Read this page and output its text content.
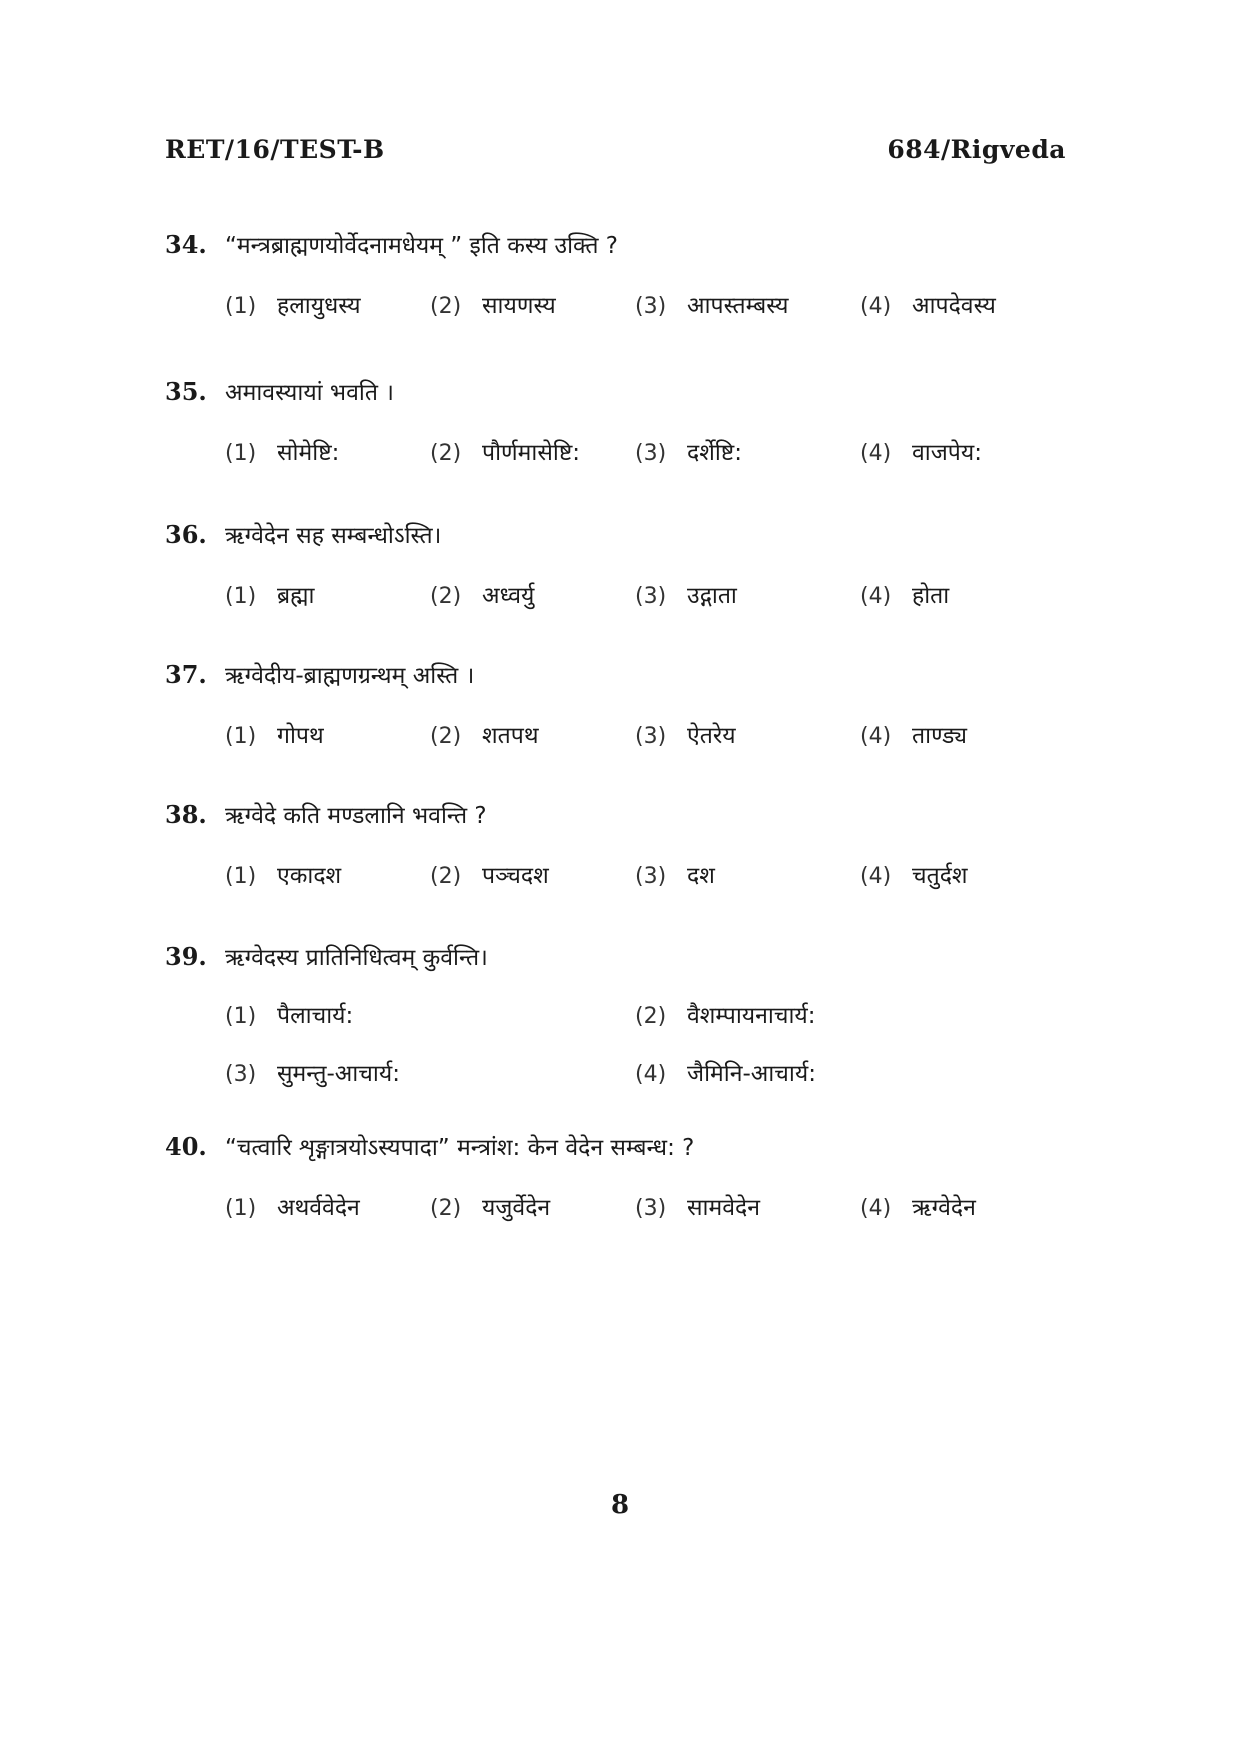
RET/16/TEST-B	684/Rigveda
34. “मन्त्रब्राह्मणयोर्वेदनामधेयम् ” इति कस्य उक्ति ?
(1) हलायुधस्य	(2) सायणस्य	(3) आपस्तम्बस्य	(4) आपदेवस्य
35. अमावस्यायां भवति ।
(1) सोमेष्टि:	(2) पौर्णमासेष्टि: (3) दर्शेष्टि:	(4) वाजपेय:
36. ऋग्वेदेन सह सम्बन्धोऽस्ति।
(1) ब्रह्मा	(2) अध्वर्यु	(3) उद्गाता	(4) होता
37. ऋग्वेदीय-ब्राह्मणग्रन्थम् अस्ति ।
(1) गोपथ	(2) शतपथ	(3) ऐतरेय	(4) ताण्ड्य
38. ऋग्वेदे कति मण्डलानि भवन्ति ?
(1) एकादश	(2) पञ्चदश	(3) दश	(4) चतुर्दश
39. ऋग्वेदस्य प्रातिनिधित्वम् कुर्वन्ति।
(1) पैलाचार्य:	(2) वैशम्पायनाचार्य:
(3) सुमन्तु-आचार्य:	(4) जैमिनि-आचार्य:
40. “चत्वारि शृङ्गात्रयोऽस्यपादा” मन्त्रांश: केन वेदेन सम्बन्ध: ?
(1) अथर्ववेदेन	(2) यजुर्वेदेन	(3) सामवेदेन	(4) ऋग्वेदेन
8
